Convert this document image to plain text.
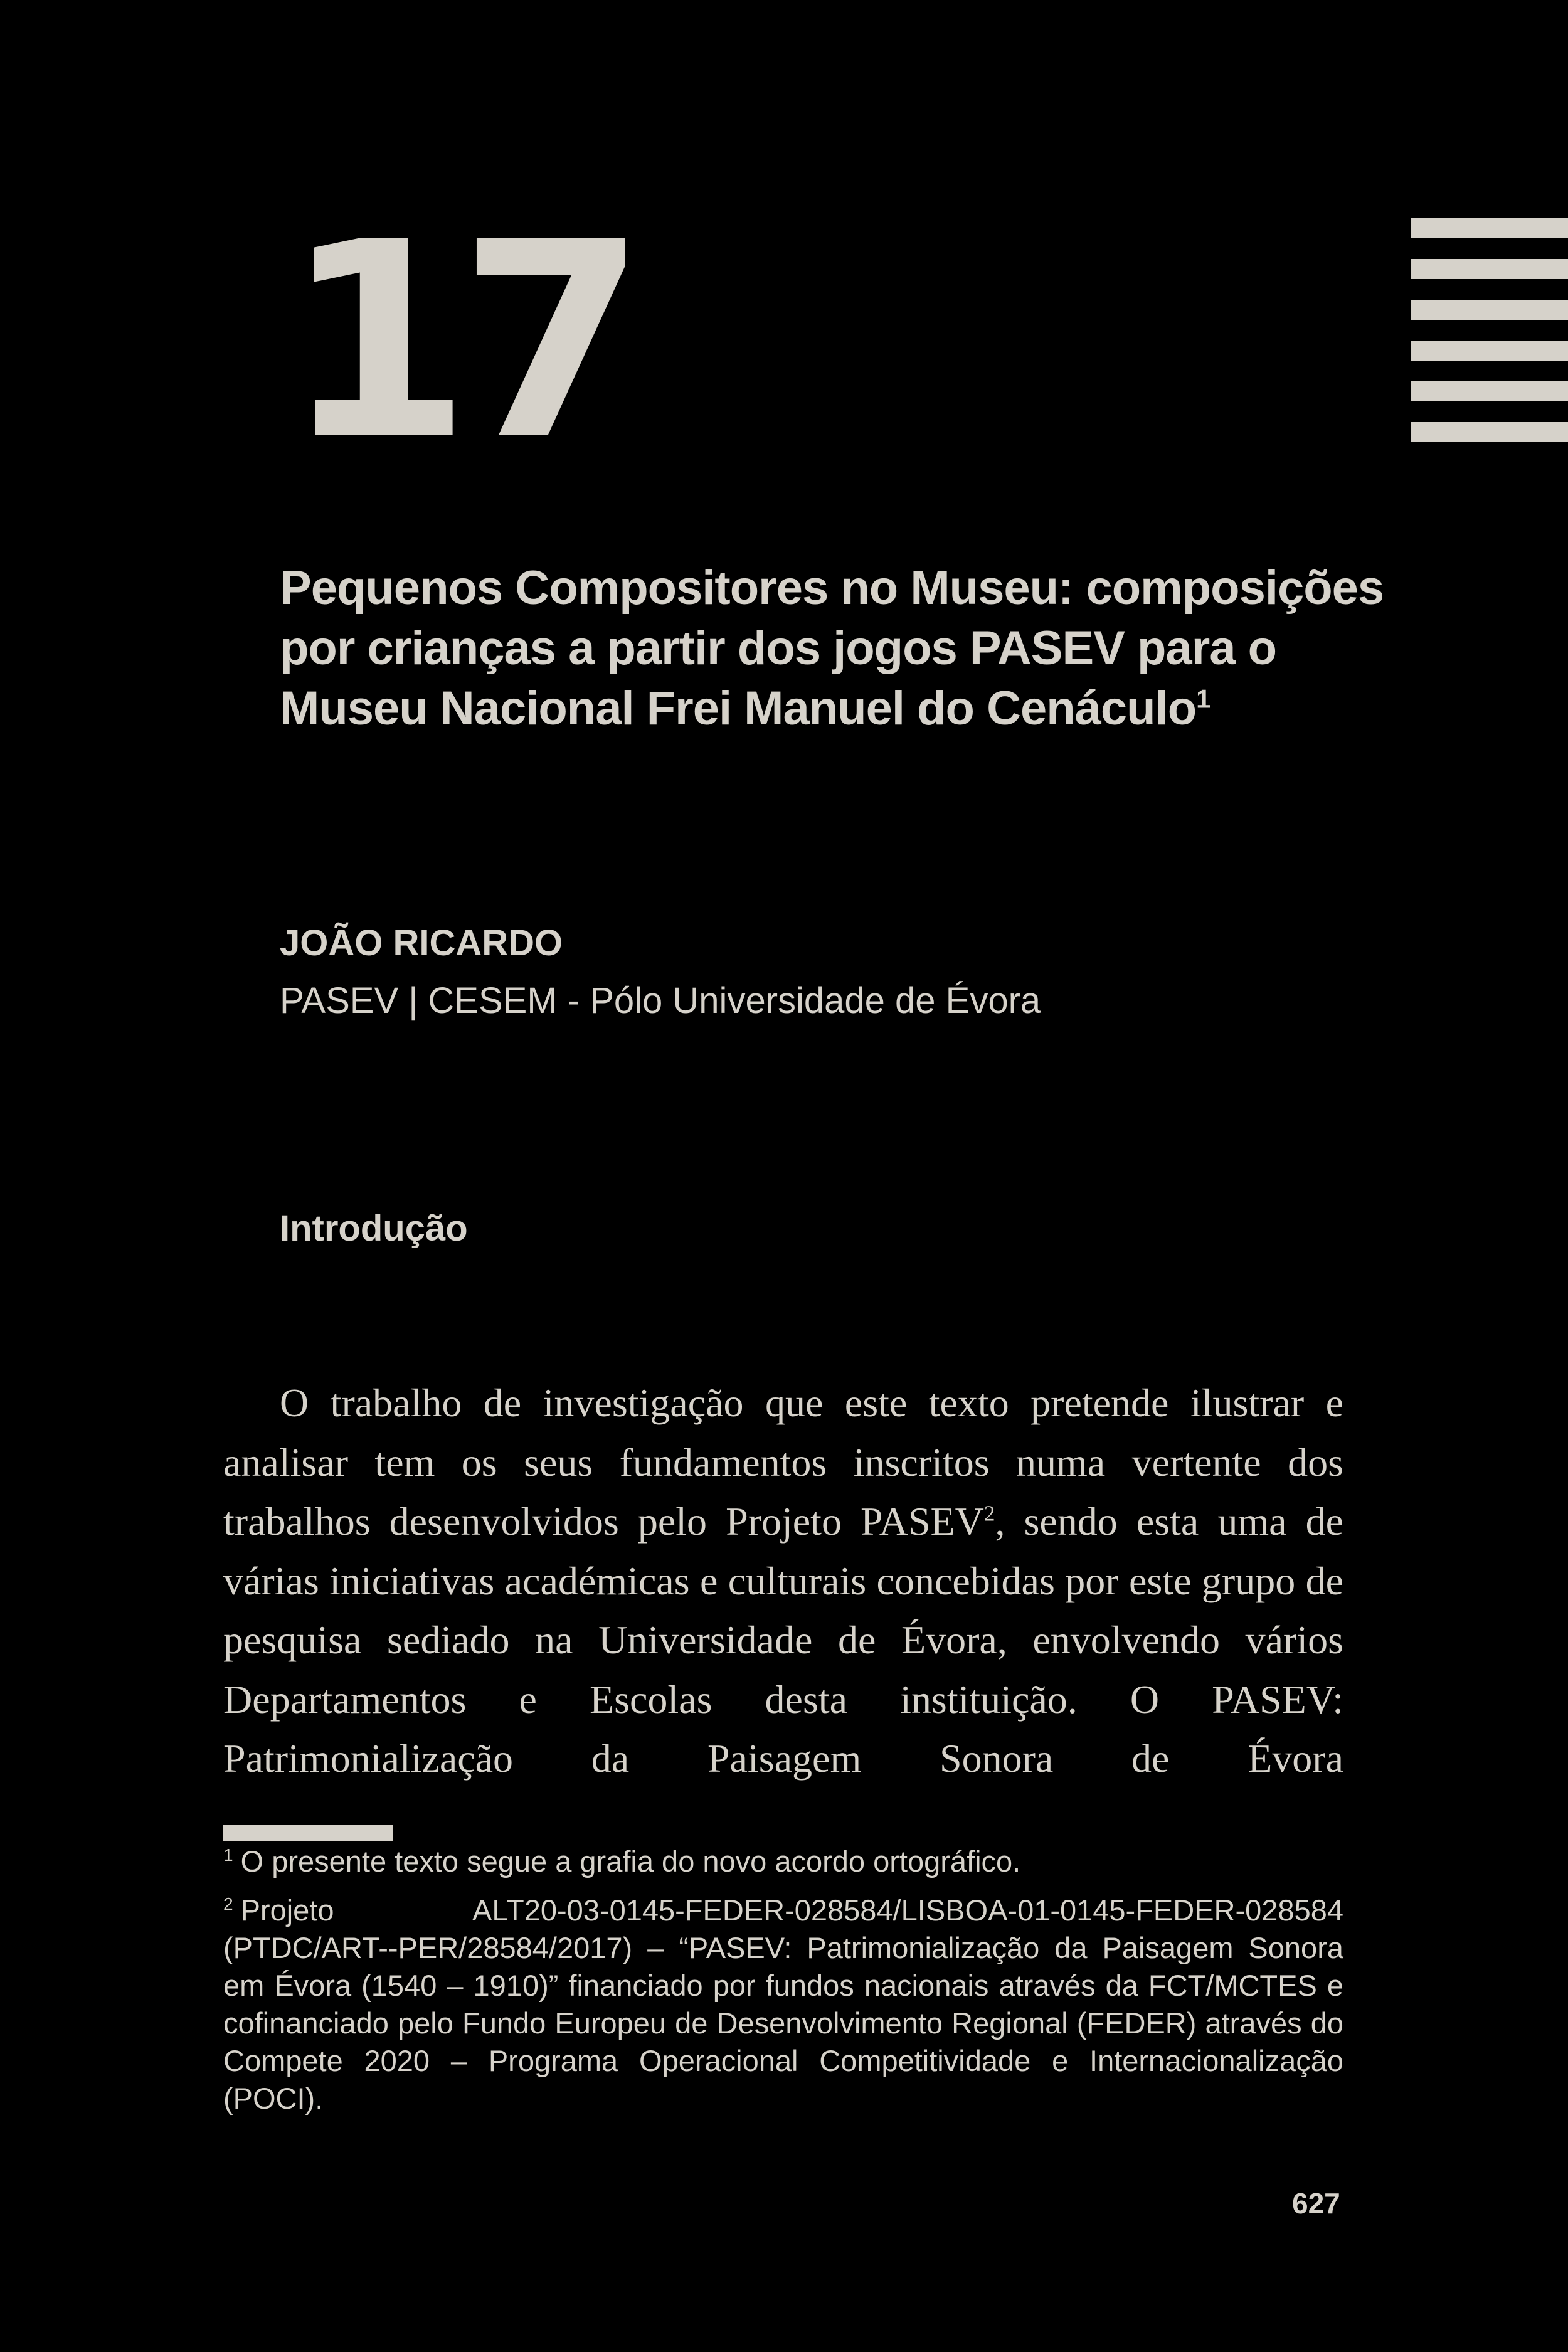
17
Pequenos Compositores no Museu: composições por crianças a partir dos jogos PASEV para o Museu Nacional Frei Manuel do Cenáculo$^1$

JOÃO RICARDO

PASEV | CESEM - Pólo Universidade de Évora

Introdução

O trabalho de investigação que este texto pretende ilustrar e analisar tem os seus fundamentos inscritos numa vertente dos trabalhos desenvolvidos pelo Projeto PASEV$^2$, sendo esta uma de várias iniciativas académicas e culturais concebidas por este grupo de pesquisa sediado na Universidade de Évora, envolvendo vários Departamentos e Escolas desta instituição. O PASEV: Patrimonialização da Paisagem Sonora de Évora

$^1$ O presente texto segue a grafia do novo acordo ortográfico.

$^2$ Projeto ALT20-03-0145-FEDER-028584/LISBOA-01-0145-FEDER-028584 (PTDC/ART--PER/28584/2017) – “PASEV: Patrimonialização da Paisagem Sonora em Évora (1540 – 1910)” financiado por fundos nacionais através da FCT/MCTES e cofinanciado pelo Fundo Europeu de Desenvolvimento Regional (FEDER) através do Compete 2020 – Programa Operacional Competitividade e Internacionalização (POCI).

627
